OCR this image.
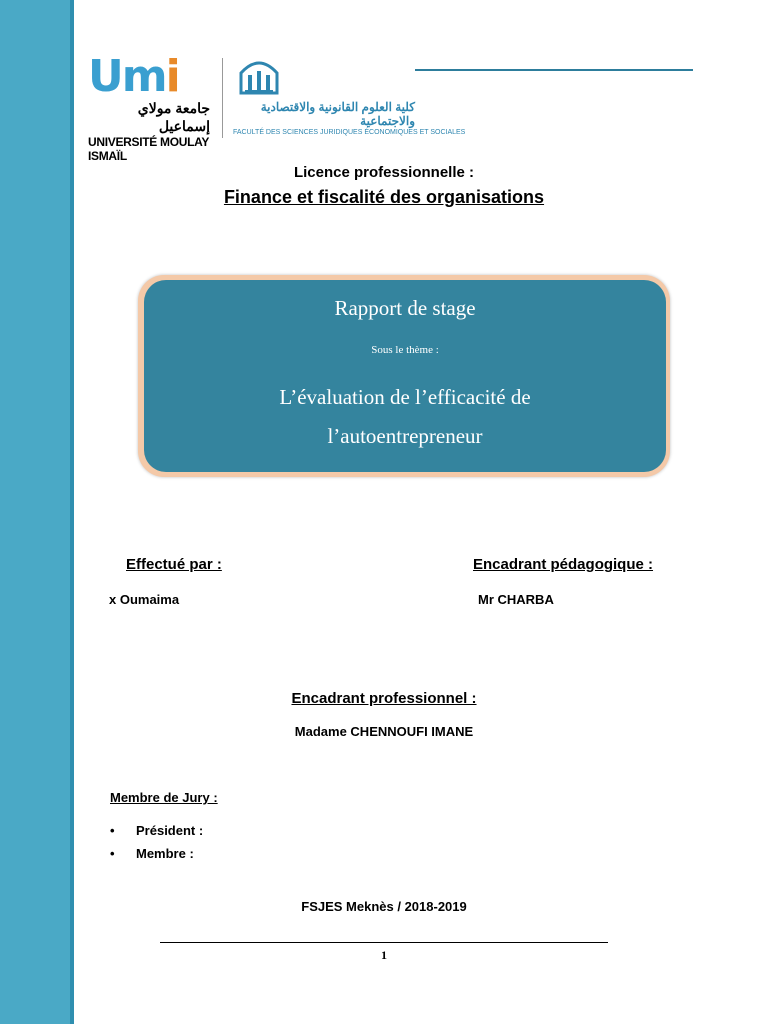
Umi
جامعة مولاي إسماعيل
UNIVERSITÉ MOULAY ISMAÏL
كلية العلوم القانونية والاقتصادية والاجتماعية
FACULTÉ DES SCIENCES JURIDIQUES ÉCONOMIQUES ET SOCIALES
Licence professionnelle :
Finance et fiscalité des organisations
Rapport de stage
Sous le thème :
L’évaluation de l’efficacité de
l’autoentrepreneur
Effectué par :
x Oumaima
Encadrant pédagogique :
Mr CHARBA
Encadrant professionnel :
Madame CHENNOUFI IMANE
Membre de Jury :
• Président :
• Membre :
FSJES Meknès / 2018-2019
1
